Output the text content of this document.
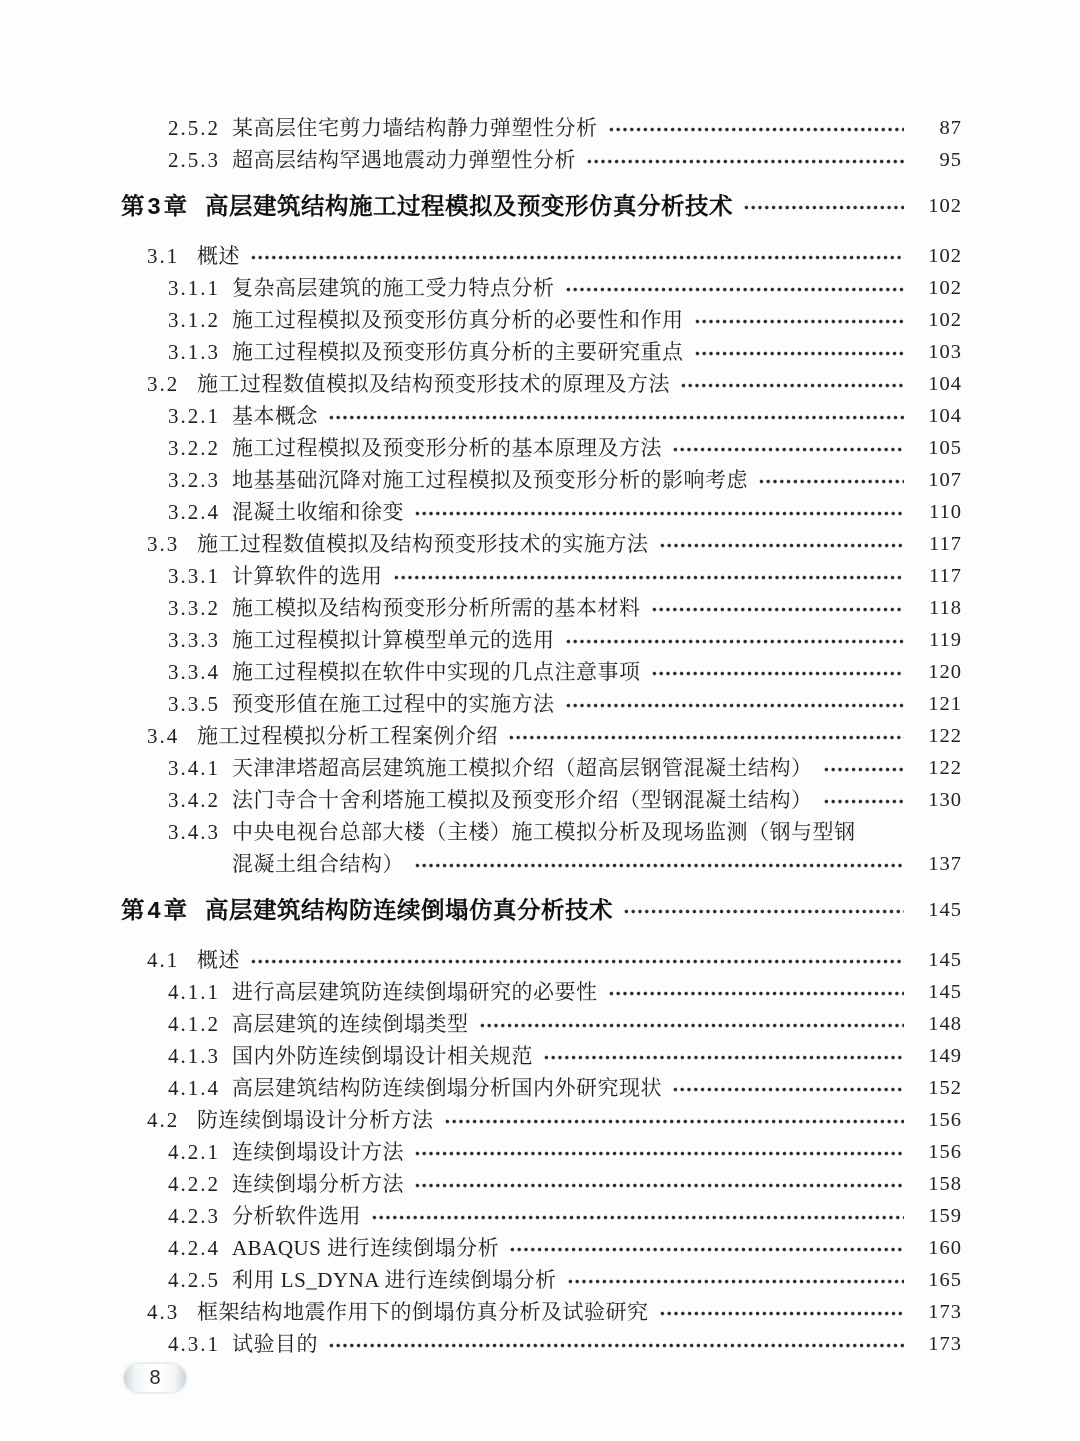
2.5.2 某高层住宅剪力墙结构静力弹塑性分析	87
2.5.3 超高层结构罕遇地震动力弹塑性分析	95
第3章 高层建筑结构施工过程模拟及预变形仿真分析技术	102
3.1 概述	102
3.1.1 复杂高层建筑的施工受力特点分析	102
3.1.2 施工过程模拟及预变形仿真分析的必要性和作用	102
3.1.3 施工过程模拟及预变形仿真分析的主要研究重点	103
3.2 施工过程数值模拟及结构预变形技术的原理及方法	104
3.2.1 基本概念	104
3.2.2 施工过程模拟及预变形分析的基本原理及方法	105
3.2.3 地基基础沉降对施工过程模拟及预变形分析的影响考虑	107
3.2.4 混凝土收缩和徐变	110
3.3 施工过程数值模拟及结构预变形技术的实施方法	117
3.3.1 计算软件的选用	117
3.3.2 施工模拟及结构预变形分析所需的基本材料	118
3.3.3 施工过程模拟计算模型单元的选用	119
3.3.4 施工过程模拟在软件中实现的几点注意事项	120
3.3.5 预变形值在施工过程中的实施方法	121
3.4 施工过程模拟分析工程案例介绍	122
3.4.1 天津津塔超高层建筑施工模拟介绍（超高层钢管混凝土结构）	122
3.4.2 法门寺合十舍利塔施工模拟及预变形介绍（型钢混凝土结构）	130
3.4.3 中央电视台总部大楼（主楼）施工模拟分析及现场监测（钢与型钢
混凝土组合结构）	137
第4章 高层建筑结构防连续倒塌仿真分析技术	145
4.1 概述	145
4.1.1 进行高层建筑防连续倒塌研究的必要性	145
4.1.2 高层建筑的连续倒塌类型	148
4.1.3 国内外防连续倒塌设计相关规范	149
4.1.4 高层建筑结构防连续倒塌分析国内外研究现状	152
4.2 防连续倒塌设计分析方法	156
4.2.1 连续倒塌设计方法	156
4.2.2 连续倒塌分析方法	158
4.2.3 分析软件选用	159
4.2.4 ABAQUS 进行连续倒塌分析	160
4.2.5 利用 LS_DYNA 进行连续倒塌分析	165
4.3 框架结构地震作用下的倒塌仿真分析及试验研究	173
4.3.1 试验目的	173
8
